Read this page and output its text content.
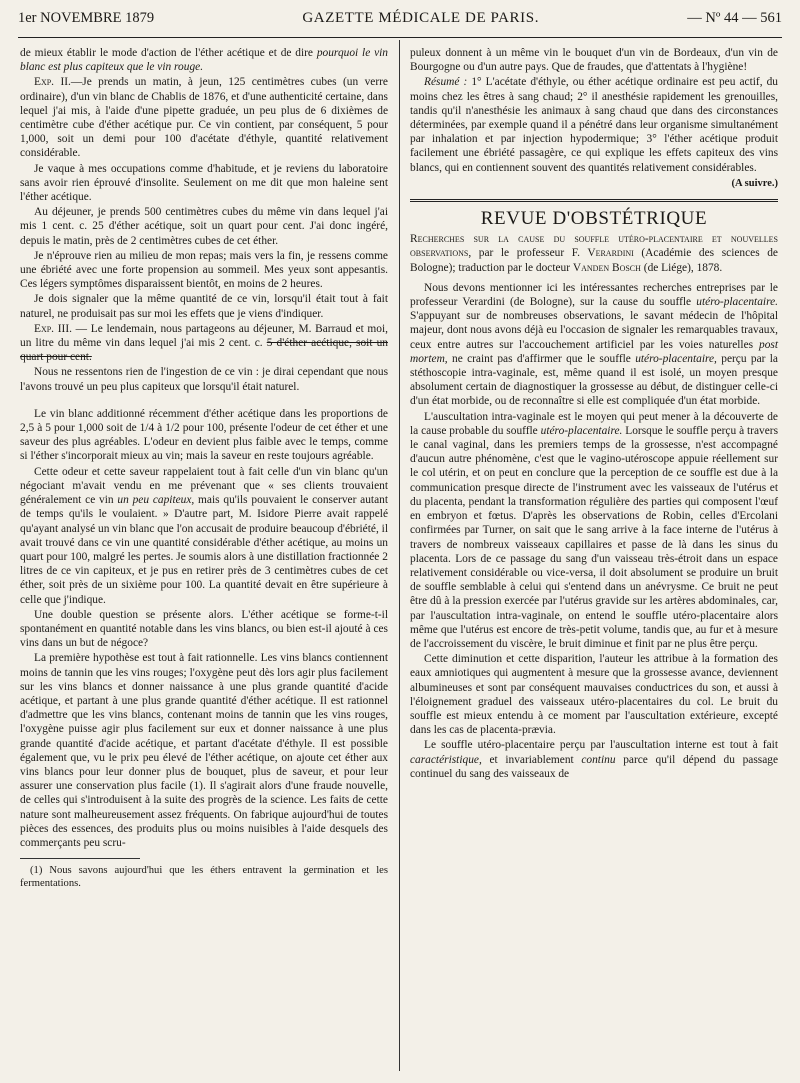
1er NOVEMBRE 1879	GAZETTE MÉDICALE DE PARIS.	— Nº 44 — 561

de mieux établir le mode d'action de l'éther acétique et de dire pourquoi le vin blanc est plus capiteux que le vin rouge.

Exp. II.—Je prends un matin, à jeun, 125 centimètres cubes (un verre ordinaire), d'un vin blanc de Chablis de 1876, et d'une authenticité certaine, dans lequel j'ai mis, à l'aide d'une pipette graduée, un peu plus de 6 dixièmes de centimètre cube d'éther acétique pur. Ce vin contient, par conséquent, 5 pour 1,000, soit un demi pour 100 d'acétate d'éthyle, quantité relativement considérable.

Je vaque à mes occupations comme d'habitude, et je reviens du laboratoire sans avoir rien éprouvé d'insolite. Seulement on me dit que mon haleine sent l'éther acétique.

Au déjeuner, je prends 500 centimètres cubes du même vin dans lequel j'ai mis 1 cent. c. 25 d'éther acétique, soit un quart pour cent. J'ai donc ingéré, depuis le matin, près de 2 centimètres cubes de cet éther.

Je n'éprouve rien au milieu de mon repas; mais vers la fin, je ressens comme une ébriété avec une forte propension au sommeil. Mes yeux sont appesantis. Ces légers symptômes disparaissent bientôt, en moins de 2 heures.

Je dois signaler que la même quantité de ce vin, lorsqu'il était tout à fait naturel, ne produisait pas sur moi les effets que je viens d'indiquer.

Exp. III. — Le lendemain, nous partageons au déjeuner, M. Barraud et moi, un litre du même vin dans lequel j'ai mis 2 cent. c. 5 d'éther acétique, soit un quart pour cent.

Nous ne ressentons rien de l'ingestion de ce vin : je dirai cependant que nous l'avons trouvé un peu plus capiteux que lorsqu'il était naturel.

Le vin blanc additionné récemment d'éther acétique dans les proportions de 2,5 à 5 pour 1,000 soit de 1/4 à 1/2 pour 100, présente l'odeur de cet éther et une saveur des plus agréables. L'odeur en devient plus faible avec le temps, comme si l'éther s'incorporait mieux au vin; mais la saveur en reste toujours agréable.

Cette odeur et cette saveur rappelaient tout à fait celle d'un vin blanc qu'un négociant m'avait vendu en me prévenant que « ses clients trouvaient généralement ce vin un peu capiteux, mais qu'ils pouvaient le conserver autant de temps qu'ils le voulaient. » D'autre part, M. Isidore Pierre avait rappelé qu'ayant analysé un vin blanc que l'on accusait de produire beaucoup d'ébriété, il avait trouvé dans ce vin une quantité considérable d'éther acétique, au moins un quart pour 100, malgré les pertes. Je soumis alors à une distillation fractionnée 2 litres de ce vin capiteux, et je pus en retirer près de 3 centimètres cubes de cet éther, soit près de un sixième pour 100. La quantité devait en être supérieure à celle que j'indique.

Une double question se présente alors. L'éther acétique se forme-t-il spontanément en quantité notable dans les vins blancs, ou bien est-il ajouté à ces vins dans un but de négoce?

La première hypothèse est tout à fait rationnelle. Les vins blancs contiennent moins de tannin que les vins rouges; l'oxygène peut dès lors agir plus facilement sur les vins blancs et donner naissance à une plus grande quantité d'acide acétique, et partant à une plus grande quantité d'éther acétique. Il est rationnel d'admettre que les vins blancs, contenant moins de tannin que les vins rouges, l'oxygène puisse agir plus facilement sur eux et donner naissance à une plus grande quantité d'acide acétique, et partant d'acétate d'éthyle. Il est possible également que, vu le prix peu élevé de l'éther acétique, on ajoute cet éther aux vins blancs pour leur donner plus de bouquet, plus de saveur, et pour leur assurer une conservation plus facile (1). Il s'agirait alors d'une fraude nouvelle, de celles qui s'introduisent à la suite des progrès de la science. Les faits de cette nature sont malheureusement assez fréquents. On fabrique aujourd'hui de toutes pièces des essences, des produits plus ou moins nuisibles à l'aide desquels des commerçants peu scru-

(1) Nous savons aujourd'hui que les éthers entravent la germination et les fermentations.

puleux donnent à un même vin le bouquet d'un vin de Bordeaux, d'un vin de Bourgogne ou d'un autre pays. Que de fraudes, que d'attentats à l'hygiène!

Résumé : 1° L'acétate d'éthyle, ou éther acétique ordinaire est peu actif, du moins chez les êtres à sang chaud; 2° il anesthésie rapidement les grenouilles, tandis qu'il n'anesthésie les animaux à sang chaud que dans des circonstances déterminées, par exemple quand il a pénétré dans leur organisme simultanément par inhalation et par injection hypodermique; 3° l'éther acétique produit facilement une ébriété passagère, ce qui explique les effets capiteux des vins blancs, qui en contiennent souvent des quantités relativement considérables.

(A suivre.)
REVUE D'OBSTÉTRIQUE

Recherches sur la cause du souffle utéro-placentaire et nouvelles observations, par le professeur F. Verardini (Académie des sciences de Bologne); traduction par le docteur Vanden Bosch (de Liége), 1878.

Nous devons mentionner ici les intéressantes recherches entreprises par le professeur Verardini (de Bologne), sur la cause du souffle utéro-placentaire. S'appuyant sur de nombreuses observations, le savant médecin de l'hôpital majeur, dont nous avons déjà eu l'occasion de signaler les remarquables travaux, ceux entre autres sur l'accouchement artificiel par les voies naturelles post mortem, ne craint pas d'affirmer que le souffle utéro-placentaire, perçu par la stéthoscopie intra-vaginale, est, même quand il est isolé, un moyen presque absolument certain de diagnostiquer la grossesse au début, de distinguer celle-ci d'un état morbide, ou de reconnaître si elle est compliquée d'un état morbide.

L'auscultation intra-vaginale est le moyen qui peut mener à la découverte de la cause probable du souffle utéro-placentaire. Lorsque le souffle perçu à travers le canal vaginal, dans les premiers temps de la grossesse, n'est accompagné d'aucun autre phénomène, c'est que le vagino-utéroscope appuie réellement sur le col utérin, et on peut en conclure que la perception de ce souffle est due à la communication presque directe de l'instrument avec les vaisseaux de l'utérus et du placenta, pendant la transformation régulière des parties qui composent l'œuf en embryon et fœtus. D'après les observations de Robin, celles d'Ercolani confirmées par Turner, on sait que le sang arrive à la face interne de l'utérus à travers de nombreux vaisseaux capillaires et passe de là dans les sinus du placenta. Lors de ce passage du sang d'un vaisseau très-étroit dans un espace relativement considérable ou vice-versa, il doit absolument se produire un bruit de souffle semblable à celui qui s'entend dans un anévrysme. Ce bruit ne peut être dû à la pression exercée par l'utérus gravide sur les artères abdominales, car, par l'auscultation intra-vaginale, on entend le souffle utéro-placentaire alors même que l'utérus est encore de très-petit volume, tandis que, au fur et à mesure de l'accroissement du viscère, le bruit diminue et finit par ne plus être perçu.

Cette diminution et cette disparition, l'auteur les attribue à la formation des eaux amniotiques qui augmentent à mesure que la grossesse avance, deviennent albumineuses et sont par conséquent mauvaises conductrices du son, et aussi à l'éloignement graduel des vaisseaux utéro-placentaires du col. Le bruit du souffle est mieux entendu à ce moment par l'auscultation extérieure, excepté dans les cas de placenta-prævia.

Le souffle utéro-placentaire perçu par l'auscultation interne est tout à fait caractéristique, et invariablement continu parce qu'il dépend du passage continuel du sang des vaisseaux de
